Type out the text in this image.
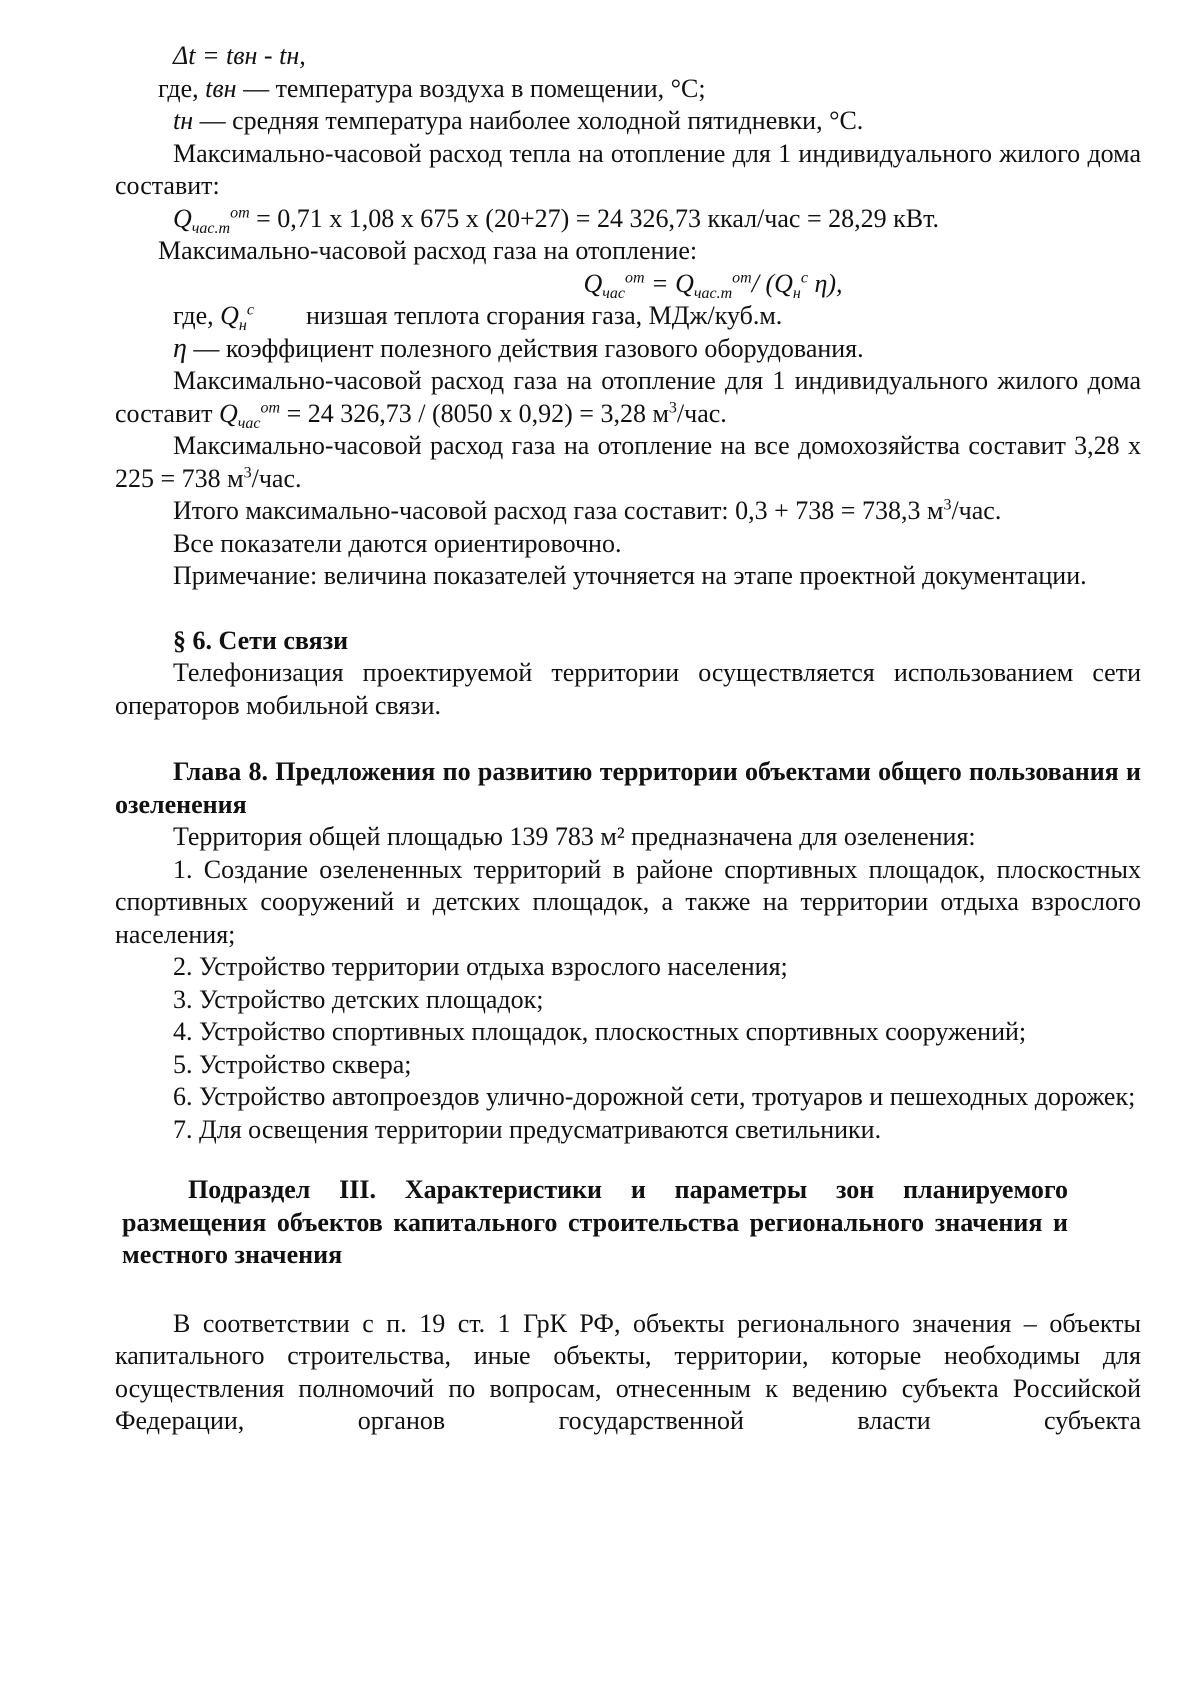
Δt = tвн - tн,

где, tвн — температура воздуха в помещении, °C;

tн — средняя температура наиболее холодной пятидневки, °C.

Максимально-часовой расход тепла на отопление для 1 индивидуального жилого дома составит:

$Q_{час.т}^{от} = 0,71$ x 1,08 x 675 x (20+27) = 24 326,73 ккал/час = 28,29 кВт.

Максимально-часовой расход газа на отопление:

$Q_{час}^{от} = Q_{час.т}^{от}/$ ($Q_н^c$ η),

где, $Q_н^c$ низшая теплота сгорания газа, МДж/куб.м.

η — коэффициент полезного действия газового оборудования.

Максимально-часовой расход газа на отопление для 1 индивидуального жилого дома составит $Q_{час}^{от} = 24$ 326,73 / (8050 x 0,92) = 3,28 $м^3$/час.

Максимально-часовой расход газа на отопление на все домохозяйства составит 3,28 x 225 = 738 $м^3$/час.

Итого максимально-часовой расход газа составит: 0,3 + 738 = 738,3 $м^3$/час.

Все показатели даются ориентировочно.

Примечание: величина показателей уточняется на этапе проектной документации.

§ 6. Сети связи

Телефонизация проектируемой территории осуществляется использованием сети операторов мобильной связи.

Глава 8. Предложения по развитию территории объектами общего пользования и озеленения

Территория общей площадью 139 783 м² предназначена для озеленения:

1. Создание озелененных территорий в районе спортивных площадок, плоскостных спортивных сооружений и детских площадок, а также на территории отдыха взрослого населения;

2. Устройство территории отдыха взрослого населения;

3. Устройство детских площадок;

4. Устройство спортивных площадок, плоскостных спортивных сооружений;

5. Устройство сквера;

6. Устройство автопроездов улично-дорожной сети, тротуаров и пешеходных дорожек;

7. Для освещения территории предусматриваются светильники.

Подраздел III. Характеристики и параметры зон планируемого размещения объектов капитального строительства регионального значения и местного значения

В соответствии с п. 19 ст. 1 ГрК РФ, объекты регионального значения – объекты капитального строительства, иные объекты, территории, которые необходимы для осуществления полномочий по вопросам, отнесенным к ведению субъекта Российской Федерации, органов государственной власти субъекта
